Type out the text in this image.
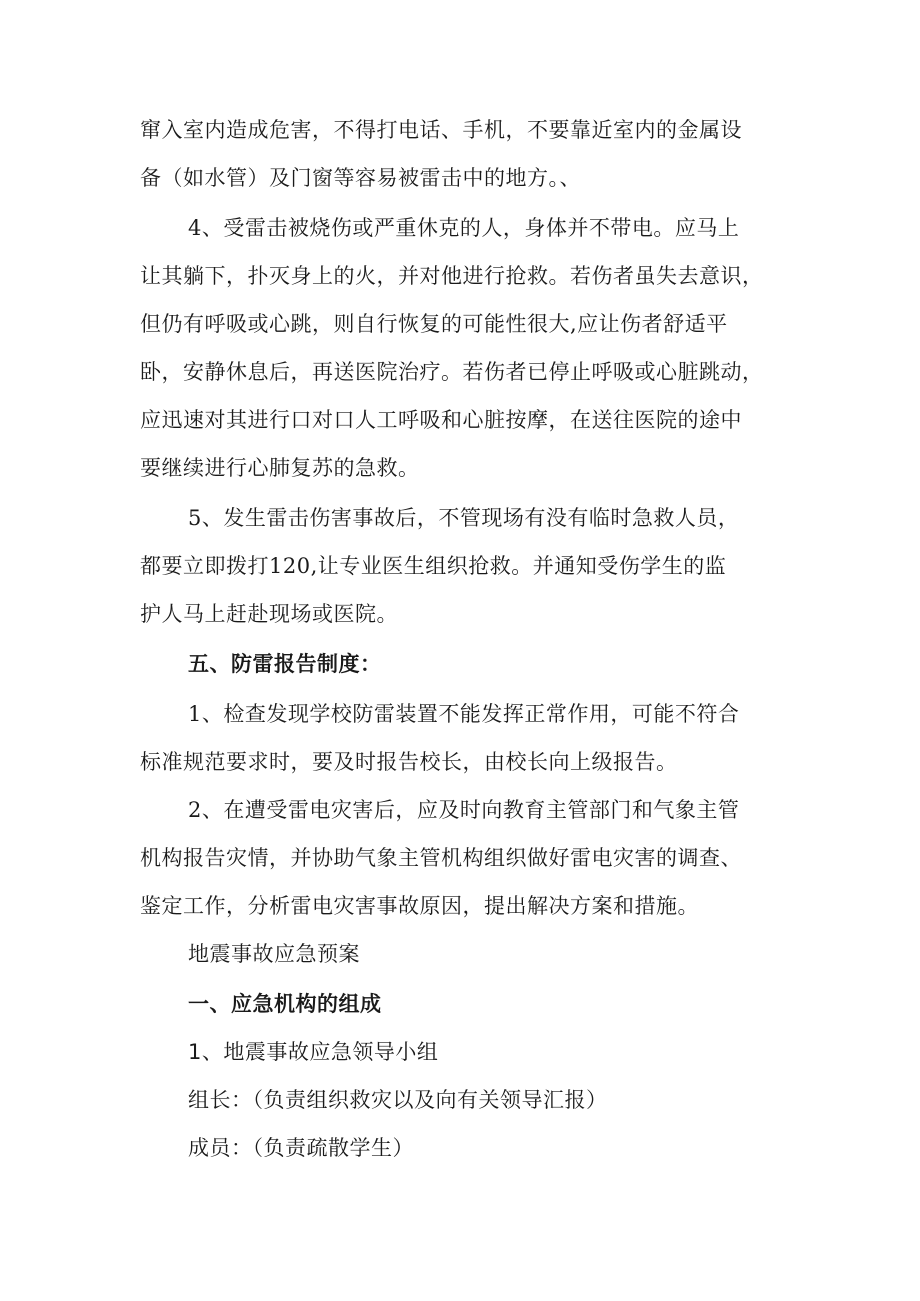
窜入室内造成危害，不得打电话、手机，不要靠近室内的金属设
备（如水管）及门窗等容易被雷击中的地方。、
4、受雷击被烧伤或严重休克的人，身体并不带电。应马上
让其躺下，扑灭身上的火，并对他进行抢救。若伤者虽失去意识，
但仍有呼吸或心跳，则自行恢复的可能性很大,应让伤者舒适平
卧，安静休息后，再送医院治疗。若伤者已停止呼吸或心脏跳动，
应迅速对其进行口对口人工呼吸和心脏按摩，在送往医院的途中
要继续进行心肺复苏的急救。
5、发生雷击伤害事故后，不管现场有没有临时急救人员，
都要立即拨打120,让专业医生组织抢救。并通知受伤学生的监
护人马上赶赴现场或医院。
五、防雷报告制度：
1、检查发现学校防雷装置不能发挥正常作用，可能不符合
标准规范要求时，要及时报告校长，由校长向上级报告。
2、在遭受雷电灾害后，应及时向教育主管部门和气象主管
机构报告灾情，并协助气象主管机构组织做好雷电灾害的调查、
鉴定工作，分析雷电灾害事故原因，提出解决方案和措施。
地震事故应急预案
一、应急机构的组成
1、地震事故应急领导小组
组长：（负责组织救灾以及向有关领导汇报）
成员：（负责疏散学生）
